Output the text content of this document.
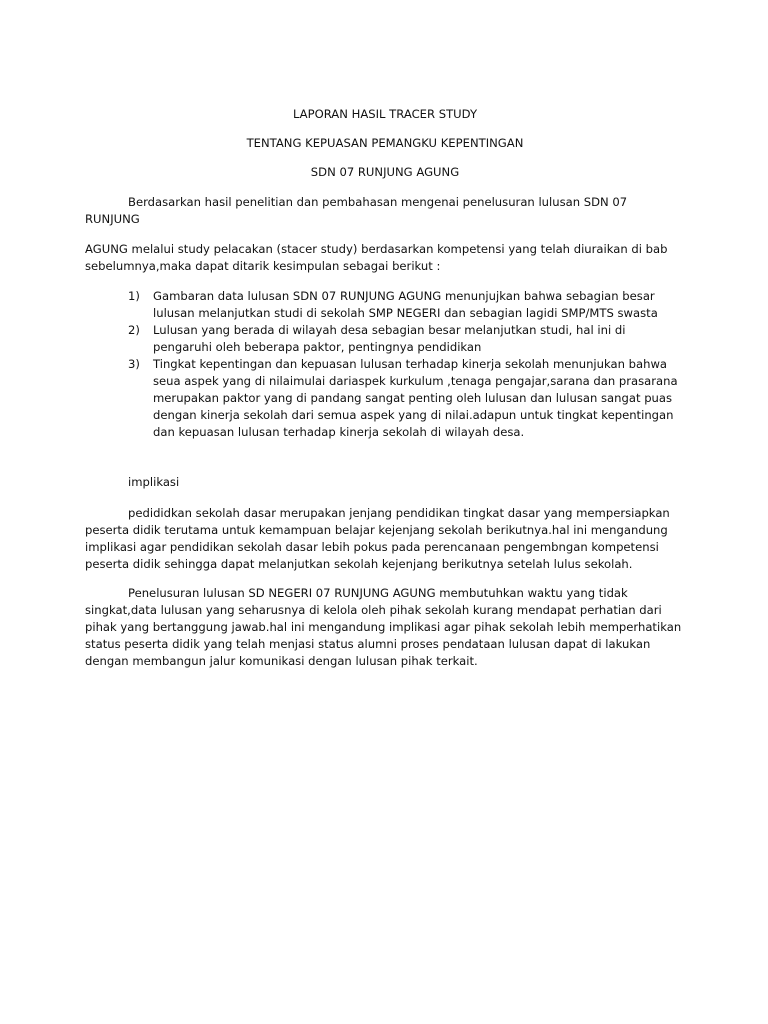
LAPORAN HASIL TRACER STUDY

TENTANG KEPUASAN PEMANGKU KEPENTINGAN

SDN 07 RUNJUNG AGUNG

Berdasarkan hasil penelitian dan pembahasan mengenai penelusuran lulusan SDN 07 RUNJUNG

AGUNG melalui study pelacakan (stacer study) berdasarkan kompetensi yang telah diuraikan di bab sebelumnya,maka dapat ditarik kesimpulan sebagai berikut :

1) Gambaran data lulusan SDN 07 RUNJUNG AGUNG menunjujkan bahwa sebagian besar lulusan melanjutkan studi di sekolah SMP NEGERI dan sebagian lagidi SMP/MTS swasta
2) Lulusan yang berada di wilayah desa sebagian besar melanjutkan studi, hal ini di pengaruhi oleh beberapa paktor, pentingnya pendidikan
3) Tingkat kepentingan dan kepuasan lulusan terhadap kinerja sekolah menunjukan bahwa seua aspek yang di nilaimulai dariaspek kurkulum ,tenaga pengajar,sarana dan prasarana merupakan paktor yang di pandang sangat penting oleh lulusan dan lulusan sangat puas dengan kinerja sekolah dari semua aspek yang di nilai.adapun untuk tingkat kepentingan dan kepuasan lulusan terhadap kinerja sekolah di wilayah desa.

implikasi

pedididkan sekolah dasar merupakan jenjang pendidikan tingkat dasar yang mempersiapkan peserta didik terutama untuk kemampuan belajar kejenjang sekolah berikutnya.hal ini mengandung implikasi agar pendidikan sekolah dasar lebih pokus pada perencanaan pengembngan kompetensi peserta didik sehingga dapat melanjutkan sekolah kejenjang berikutnya setelah lulus sekolah.

Penelusuran lulusan SD NEGERI 07 RUNJUNG AGUNG membutuhkan waktu yang tidak singkat,data lulusan yang seharusnya di kelola oleh pihak sekolah kurang mendapat perhatian dari pihak yang bertanggung jawab.hal ini mengandung implikasi agar pihak sekolah lebih memperhatikan status peserta didik yang telah menjasi status alumni proses pendataan lulusan dapat di lakukan dengan membangun jalur komunikasi dengan lulusan pihak terkait.
